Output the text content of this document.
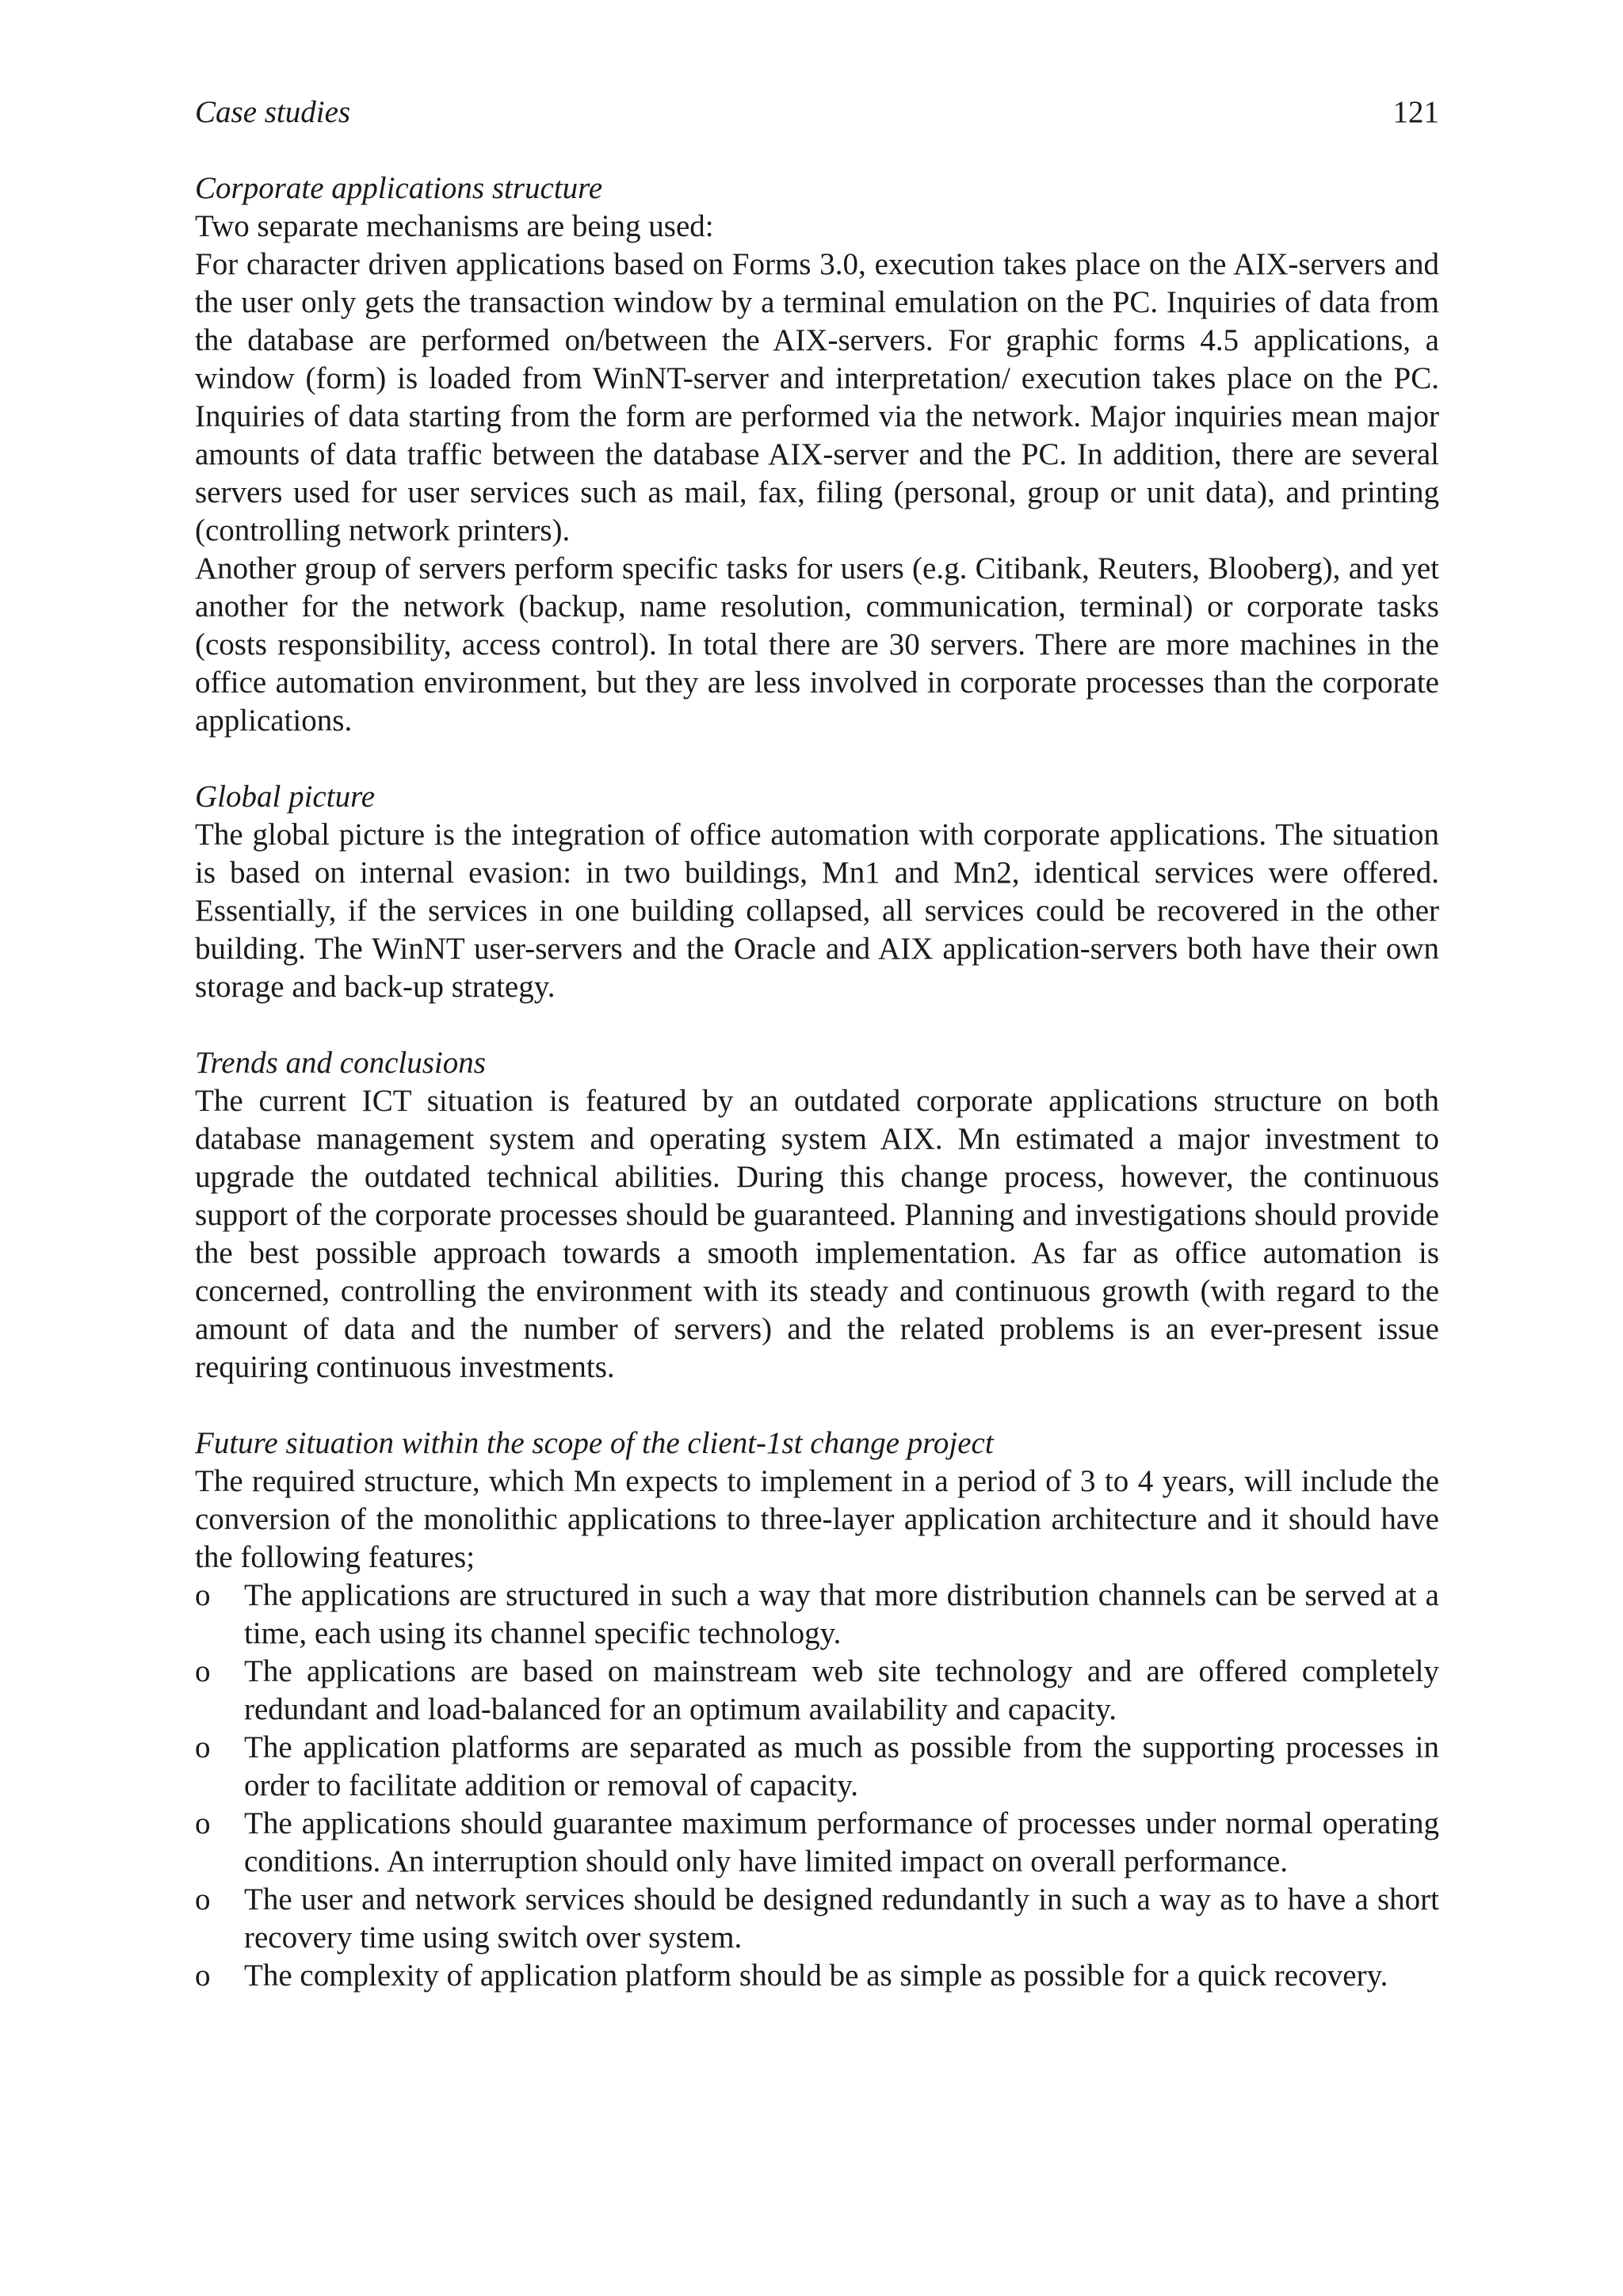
Case studies	121
Corporate applications structure

Two separate mechanisms are being used:

For character driven applications based on Forms 3.0, execution takes place on the AIX-servers and the user only gets the transaction window by a terminal emulation on the PC. Inquiries of data from the database are performed on/between the AIX-servers. For graphic forms 4.5 applications, a window (form) is loaded from WinNT-server and interpretation/ execution takes place on the PC. Inquiries of data starting from the form are performed via the network. Major inquiries mean major amounts of data traffic between the database AIX-server and the PC. In addition, there are several servers used for user services such as mail, fax, filing (personal, group or unit data), and printing (controlling network printers).

Another group of servers perform specific tasks for users (e.g. Citibank, Reuters, Blooberg), and yet another for the network (backup, name resolution, communication, terminal) or corporate tasks (costs responsibility, access control). In total there are 30 servers. There are more machines in the office automation environment, but they are less involved in corporate processes than the corporate applications.

Global picture

The global picture is the integration of office automation with corporate applications. The situation is based on internal evasion: in two buildings, Mn1 and Mn2, identical services were offered. Essentially, if the services in one building collapsed, all services could be recovered in the other building. The WinNT user-servers and the Oracle and AIX application-servers both have their own storage and back-up strategy.

Trends and conclusions

The current ICT situation is featured by an outdated corporate applications structure on both database management system and operating system AIX. Mn estimated a major investment to upgrade the outdated technical abilities. During this change process, however, the continuous support of the corporate processes should be guaranteed. Planning and investigations should provide the best possible approach towards a smooth implementation. As far as office automation is concerned, controlling the environment with its steady and continuous growth (with regard to the amount of data and the number of servers) and the related problems is an ever-present issue requiring continuous investments.

Future situation within the scope of the client-1st change project

The required structure, which Mn expects to implement in a period of 3 to 4 years, will include the conversion of the monolithic applications to three-layer application architecture and it should have the following features;

o The applications are structured in such a way that more distribution channels can be served at a time, each using its channel specific technology.
o The applications are based on mainstream web site technology and are offered completely redundant and load-balanced for an optimum availability and capacity.
o The application platforms are separated as much as possible from the supporting processes in order to facilitate addition or removal of capacity.
o The applications should guarantee maximum performance of processes under normal operating conditions. An interruption should only have limited impact on overall performance.
o The user and network services should be designed redundantly in such a way as to have a short recovery time using switch over system.
o The complexity of application platform should be as simple as possible for a quick recovery.
